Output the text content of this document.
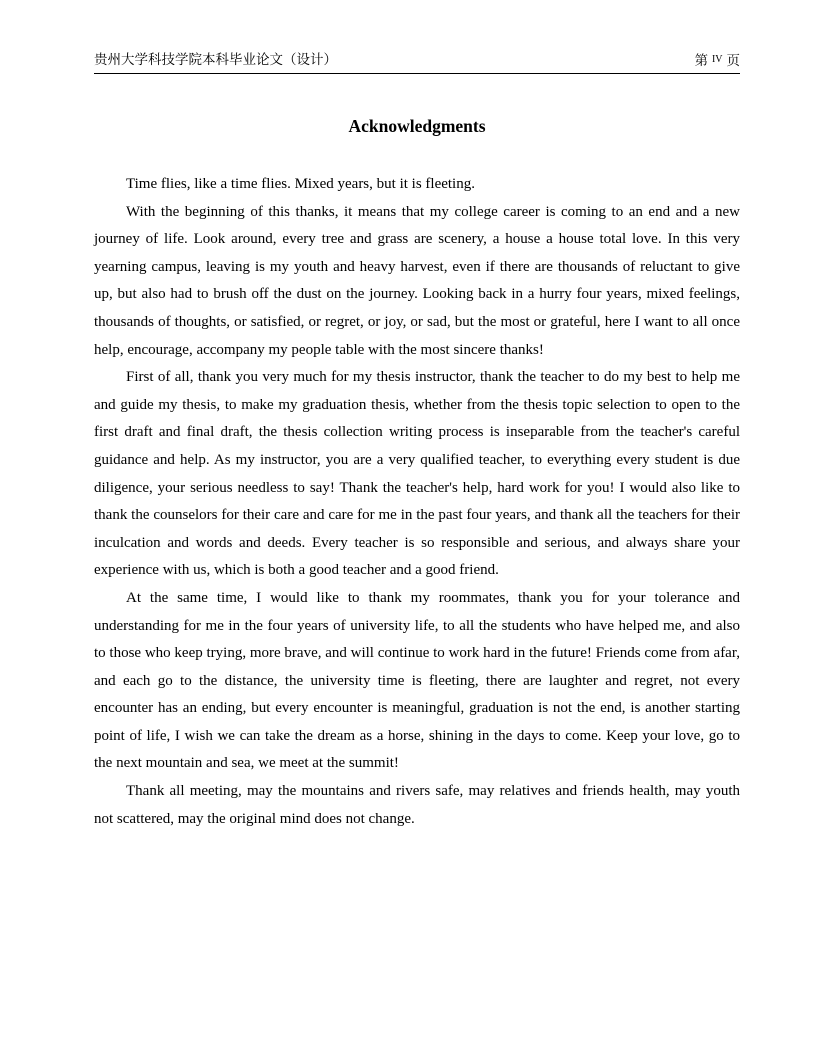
贵州大学科技学院本科毕业论文（设计）	第 $^{IV}$ 页
Acknowledgments

Time flies, like a time flies. Mixed years, but it is fleeting.

With the beginning of this thanks, it means that my college career is coming to an end and a new journey of life. Look around, every tree and grass are scenery, a house a house total love. In this very yearning campus, leaving is my youth and heavy harvest, even if there are thousands of reluctant to give up, but also had to brush off the dust on the journey. Looking back in a hurry four years, mixed feelings, thousands of thoughts, or satisfied, or regret, or joy, or sad, but the most or grateful, here I want to all once help, encourage, accompany my people table with the most sincere thanks!

First of all, thank you very much for my thesis instructor, thank the teacher to do my best to help me and guide my thesis, to make my graduation thesis, whether from the thesis topic selection to open to the first draft and final draft, the thesis collection writing process is inseparable from the teacher's careful guidance and help. As my instructor, you are a very qualified teacher, to everything every student is due diligence, your serious needless to say! Thank the teacher's help, hard work for you! I would also like to thank the counselors for their care and care for me in the past four years, and thank all the teachers for their inculcation and words and deeds. Every teacher is so responsible and serious, and always share your experience with us, which is both a good teacher and a good friend.

At the same time, I would like to thank my roommates, thank you for your tolerance and understanding for me in the four years of university life, to all the students who have helped me, and also to those who keep trying, more brave, and will continue to work hard in the future! Friends come from afar, and each go to the distance, the university time is fleeting, there are laughter and regret, not every encounter has an ending, but every encounter is meaningful, graduation is not the end, is another starting point of life, I wish we can take the dream as a horse, shining in the days to come. Keep your love, go to the next mountain and sea, we meet at the summit!

Thank all meeting, may the mountains and rivers safe, may relatives and friends health, may youth not scattered, may the original mind does not change.
